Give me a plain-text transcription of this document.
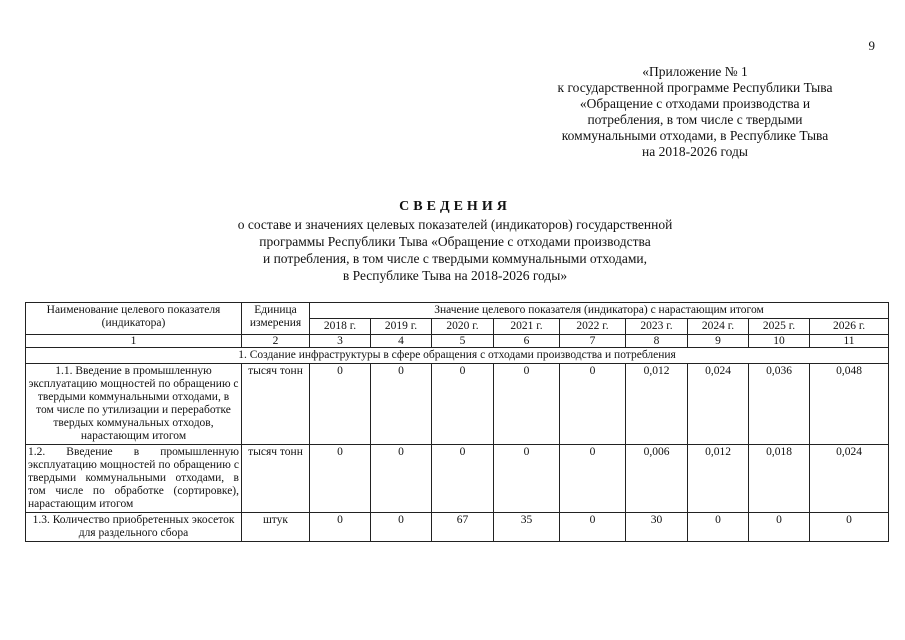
9
«Приложение № 1
к государственной программе Республики Тыва
«Обращение с отходами производства и
потребления, в том числе с твердыми
коммунальными отходами, в Республике Тыва
на 2018-2026 годы
СВЕДЕНИЯ
о составе и значениях целевых показателей (индикаторов) государственной
программы Республики Тыва «Обращение с отходами производства
и потребления, в том числе с твердыми коммунальными отходами,
в Республике Тыва на 2018-2026 годы»
Наименование целевого показателя (индикатора)	Единица измерения	Значение целевого показателя (индикатора) с нарастающим итогом								
		2018 г.	2019 г.	2020 г.	2021 г.	2022 г.	2023 г.	2024 г.	2025 г.	2026 г.
1	2	3	4	5	6	7	8	9	10	11
1. Создание инфраструктуры в сфере обращения с отходами производства и потребления										
1.1. Введение в промышленную эксплуатацию мощностей по обращению с твердыми коммунальными отходами, в том числе по утилизации и переработке твердых коммунальных отходов, нарастающим итогом	тысяч тонн	0	0	0	0	0	0,012	0,024	0,036	0,048
1.2. Введение в промышленную эксплуатацию мощностей по обращению с твердыми коммунальными отходами, в том числе по обработке (сортировке), нарастающим итогом	тысяч тонн	0	0	0	0	0	0,006	0,012	0,018	0,024
1.3. Количество приобретенных экосеток для раздельного сбора	штук	0	0	67	35	0	30	0	0	0
